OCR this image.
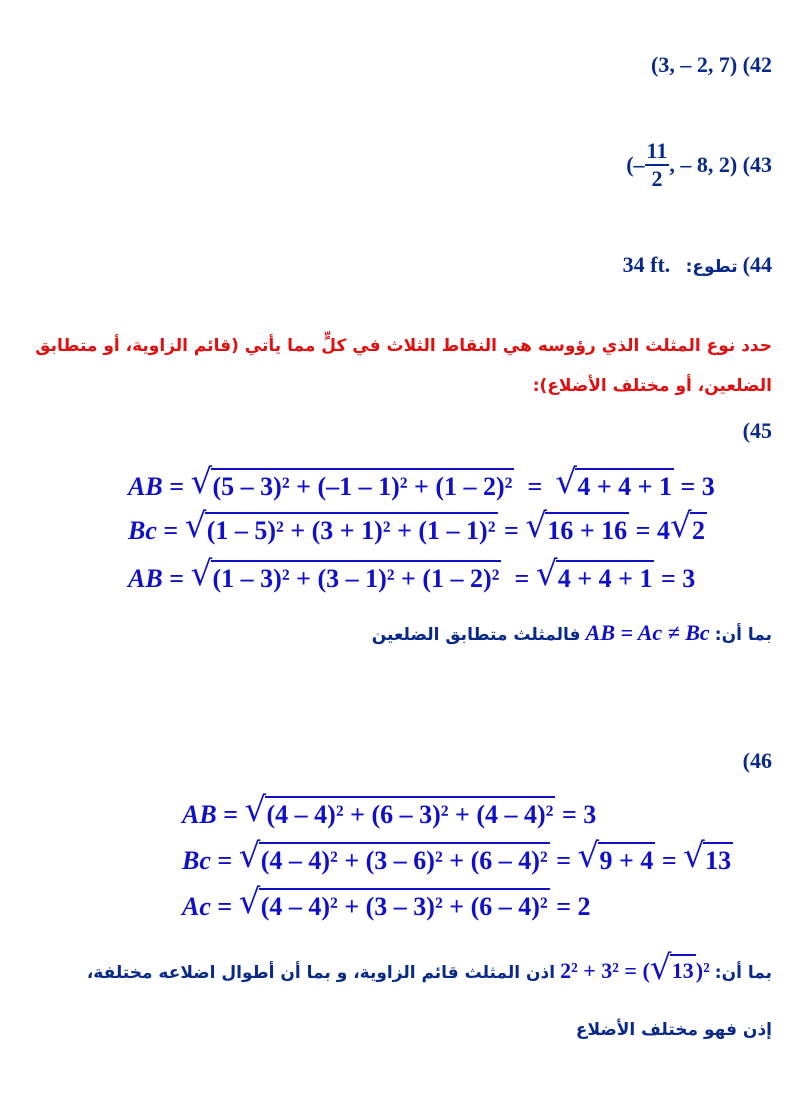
(3, – 2, 7) (42
(– $\frac{11}{2}$ , – 8, 2) (43
44) تطوع:   34 ft.
حدد نوع المثلث الذي رؤوسه هي النقاط الثلاث في كلٍّ مما يأتي (قائم الزاوية، أو متطابق
الضلعين، أو مختلف الأضلاع):
(45
AB = √ (5 – 3)² + (–1 – 1)² + (1 – 2)²  =  √ 4 + 4 + 1 = 3
Bc = √ (1 – 5)² + (3 + 1)² + (1 – 1)² = √ 16 + 16 = 4 √ 2
AB = √ (1 – 3)² + (3 – 1)² + (1 – 2)²  = √ 4 + 4 + 1 = 3
بما أن: AB = Ac ≠ Bc فالمثلث متطابق الضلعين
(46
AB = √ (4 – 4)² + (6 – 3)² + (4 – 4)² = 3
Bc = √ (4 – 4)² + (3 – 6)² + (6 – 4)² = √ 9 + 4 = √ 13
Ac = √ (4 – 4)² + (3 – 3)² + (6 – 4)² = 2
بما أن: 2² + 3² = ( √ 13)² اذن المثلث قائم الزاوية، و بما أن أطوال اضلاعه مختلفة،
إذن فهو مختلف الأضلاع
